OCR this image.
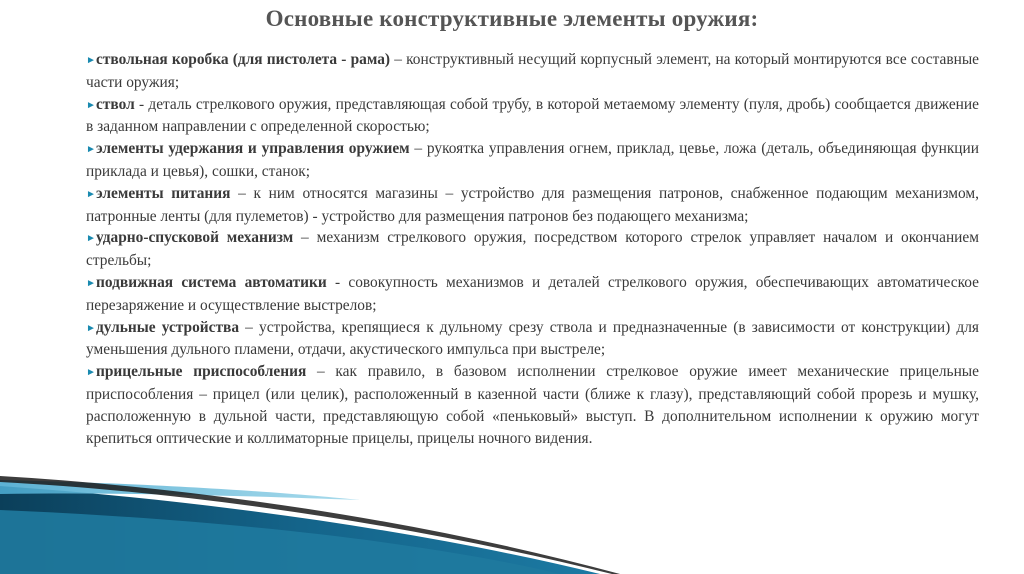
Основные конструктивные элементы оружия:

►ствольная коробка (для пистолета - рама) – конструктивный несущий корпусный элемент, на который монтируются все составные части оружия;

►ствол - деталь стрелкового оружия, представляющая собой трубу, в которой метаемому элементу (пуля, дробь) сообщается движение в заданном направлении с определенной скоростью;

►элементы удержания и управления оружием – рукоятка управления огнем, приклад, цевье, ложа (деталь, объединяющая функции приклада и цевья), сошки, станок;

►элементы питания – к ним относятся магазины – устройство для размещения патронов, снабженное подающим механизмом, патронные ленты (для пулеметов) - устройство для размещения патронов без подающего механизма;

►ударно-спусковой механизм – механизм стрелкового оружия, посредством которого стрелок управляет началом и окончанием стрельбы;

►подвижная система автоматики - совокупность механизмов и деталей стрелкового оружия, обеспечивающих автоматическое перезаряжение и осуществление выстрелов;

►дульные устройства – устройства, крепящиеся к дульному срезу ствола и предназначенные (в зависимости от конструкции) для уменьшения дульного пламени, отдачи, акустического импульса при выстреле;

►прицельные приспособления – как правило, в базовом исполнении стрелковое оружие имеет механические прицельные приспособления – прицел (или целик), расположенный в казенной части (ближе к глазу), представляющий собой прорезь и мушку, расположенную в дульной части, представляющую собой «пеньковый» выступ. В дополнительном исполнении к оружию могут крепиться оптические и коллиматорные прицелы, прицелы ночного видения.
